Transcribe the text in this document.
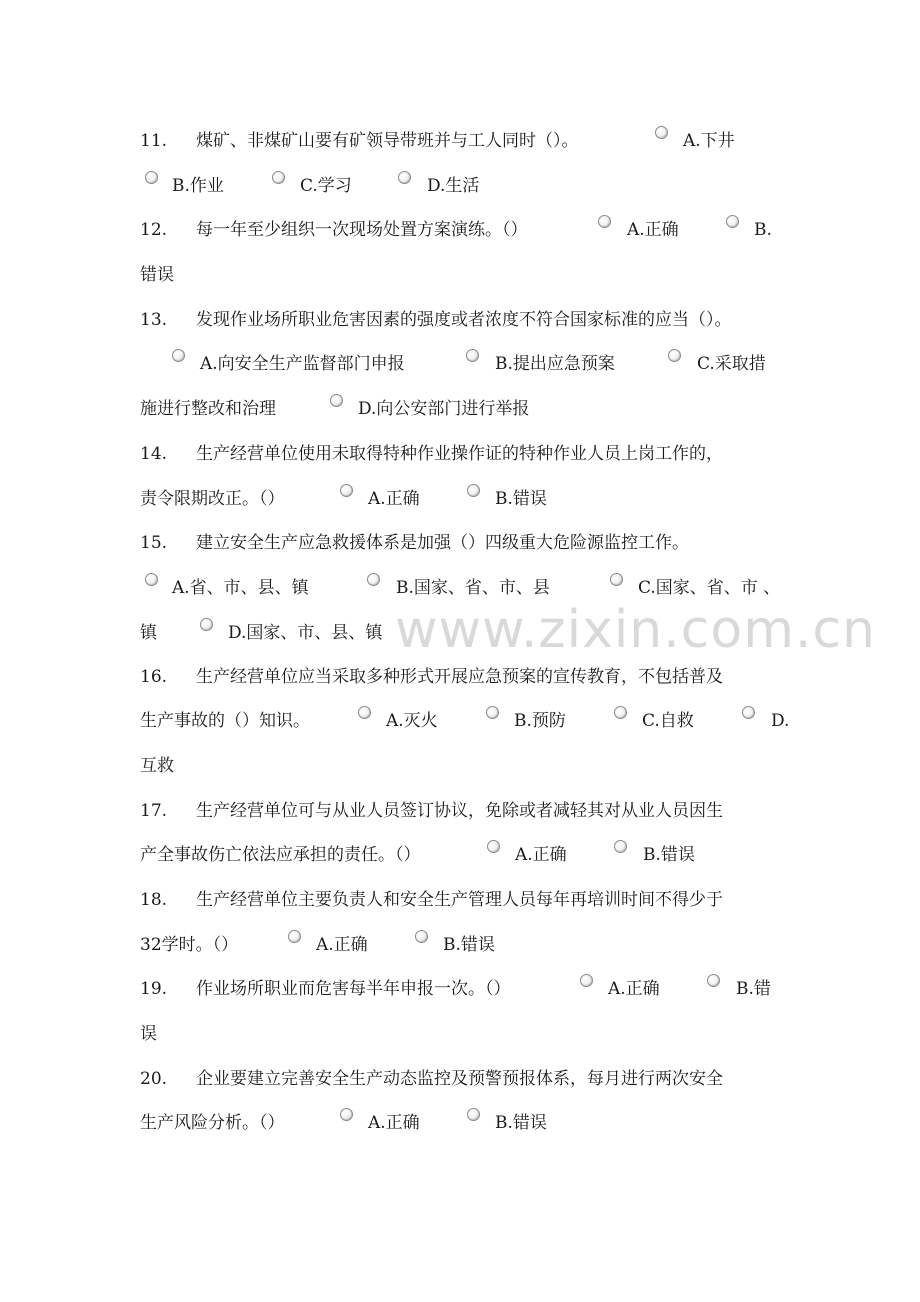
www.zixin.com.cn
11. 煤矿、非煤矿山要有矿领导带班并与工人同时（）。	A.下井
B.作业	C.学习	D.生活
12. 每一年至少组织一次现场处置方案演练。（）	A.正确	B.
错误
13. 发现作业场所职业危害因素的强度或者浓度不符合国家标准的应当（）。
A.向安全生产监督部门申报	B.提出应急预案	C.采取措
施进行整改和治理	D.向公安部门进行举报
14. 生产经营单位使用未取得特种作业操作证的特种作业人员上岗工作的，
责令限期改正。（）	A.正确	B.错误
15. 建立安全生产应急救援体系是加强（）四级重大危险源监控工作。
A.省、市、县、镇	B.国家、省、市、县	C.国家、省、市 、
镇	D.国家、市、县、镇
16. 生产经营单位应当采取多种形式开展应急预案的宣传教育，不包括普及
生产事故的（）知识。	A.灭火	B.预防	C.自救	D.
互救
17. 生产经营单位可与从业人员签订协议，免除或者减轻其对从业人员因生
产全事故伤亡依法应承担的责任。（）	A.正确	B.错误
18. 生产经营单位主要负责人和安全生产管理人员每年再培训时间不得少于
32学时。（）	A.正确	B.错误
19. 作业场所职业而危害每半年申报一次。（）	A.正确	B.错
误
20. 企业要建立完善安全生产动态监控及预警预报体系，每月进行两次安全
生产风险分析。（）	A.正确	B.错误
